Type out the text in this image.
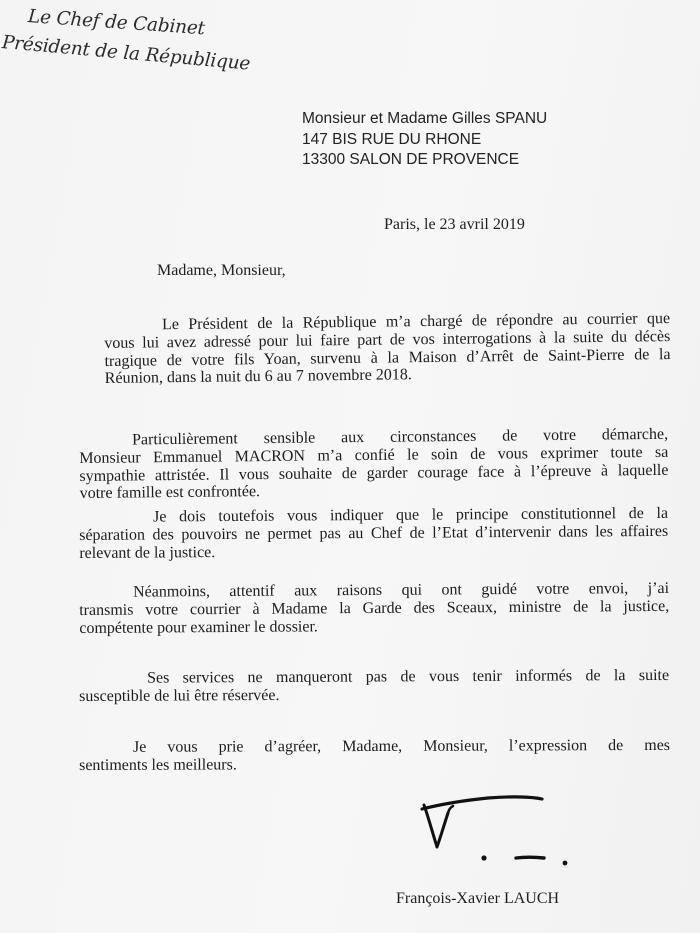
Le Chef de Cabinet
Président de la République
Monsieur et Madame Gilles SPANU
147 BIS RUE DU RHONE
13300 SALON DE PROVENCE
Paris, le 23 avril 2019
Madame, Monsieur,
Le Président de la République m’a chargé de répondre au courrier que
vous lui avez adressé pour lui faire part de vos interrogations à la suite du décès
tragique de votre fils Yoan, survenu à la Maison d’Arrêt de Saint-Pierre de la
Réunion, dans la nuit du 6 au 7 novembre 2018.
Particulièrement sensible aux circonstances de votre démarche,
Monsieur Emmanuel MACRON m’a confié le soin de vous exprimer toute sa
sympathie attristée. Il vous souhaite de garder courage face à l’épreuve à laquelle
votre famille est confrontée.
Je dois toutefois vous indiquer que le principe constitutionnel de la
séparation des pouvoirs ne permet pas au Chef de l’Etat d’intervenir dans les affaires
relevant de la justice.
Néanmoins, attentif aux raisons qui ont guidé votre envoi, j’ai
transmis votre courrier à Madame la Garde des Sceaux, ministre de la justice,
compétente pour examiner le dossier.
Ses services ne manqueront pas de vous tenir informés de la suite
susceptible de lui être réservée.
Je vous prie d’agréer, Madame, Monsieur, l’expression de mes
sentiments les meilleurs.
François-Xavier LAUCH
